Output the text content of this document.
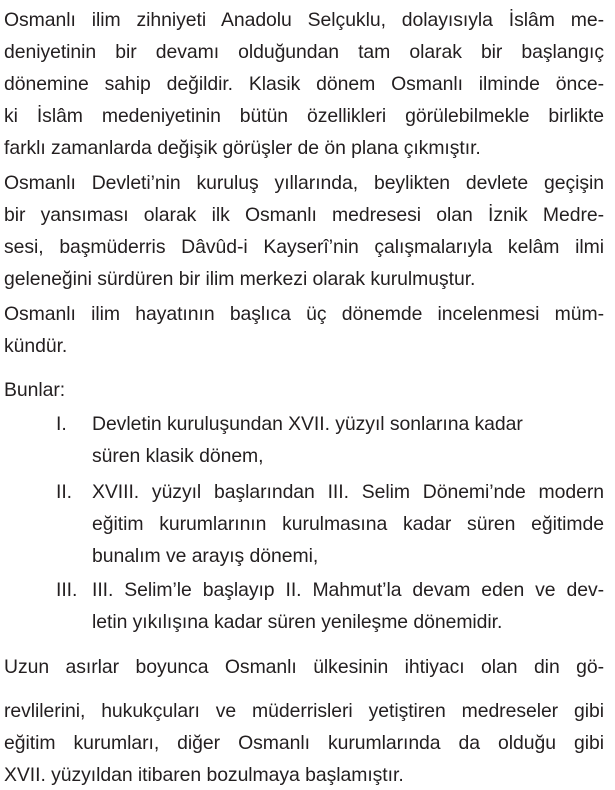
Osmanlı ilim zihniyeti Anadolu Selçuklu, dolayısıyla İslâm me-
deniyetinin bir devamı olduğundan tam olarak bir başlangıç
dönemine sahip değildir. Klasik dönem Osmanlı ilminde önce-
ki İslâm medeniyetinin bütün özellikleri görülebilmekle birlikte
farklı zamanlarda değişik görüşler de ön plana çıkmıştır.
Osmanlı Devleti’nin kuruluş yıllarında, beylikten devlete geçişin
bir yansıması olarak ilk Osmanlı medresesi olan İznik Medre-
sesi, başmüderris Dâvûd-i Kayserî’nin çalışmalarıyla kelâm ilmi
geleneğini sürdüren bir ilim merkezi olarak kurulmuştur.
Osmanlı ilim hayatının başlıca üç dönemde incelenmesi müm-
kündür.
Bunlar:
I. Devletin kuruluşundan XVII. yüzyıl sonlarına kadar
süren klasik dönem,
II. XVIII. yüzyıl başlarından III. Selim Dönemi’nde modern
eğitim kurumlarının kurulmasına kadar süren eğitimde
bunalım ve arayış dönemi,
III. III. Selim’le başlayıp II. Mahmut’la devam eden ve dev-
letin yıkılışına kadar süren yenileşme dönemidir.
Uzun asırlar boyunca Osmanlı ülkesinin ihtiyacı olan din gö-
revlilerini, hukukçuları ve müderrisleri yetiştiren medreseler gibi
eğitim kurumları, diğer Osmanlı kurumlarında da olduğu gibi
XVII. yüzyıldan itibaren bozulmaya başlamıştır.
